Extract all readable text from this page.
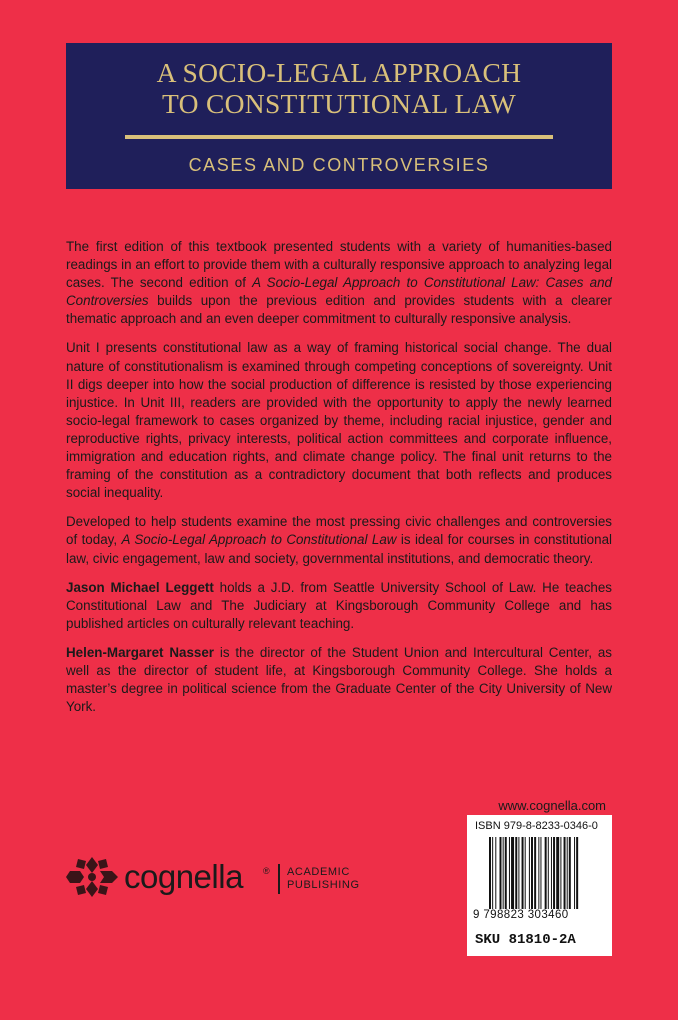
A SOCIO-LEGAL APPROACH
TO CONSTITUTIONAL LAW
CASES AND CONTROVERSIES

The first edition of this textbook presented students with a variety of humanities-based readings in an effort to provide them with a culturally responsive approach to analyzing legal cases. The second edition of A Socio-Legal Approach to Constitutional Law: Cases and Controversies builds upon the previous edition and provides students with a clearer thematic approach and an even deeper commitment to culturally responsive analysis.

Unit I presents constitutional law as a way of framing historical social change. The dual nature of constitutionalism is examined through competing conceptions of sovereignty. Unit II digs deeper into how the social production of difference is resisted by those experiencing injustice. In Unit III, readers are provided with the opportunity to apply the newly learned socio-legal framework to cases organized by theme, including racial injustice, gender and reproductive rights, privacy interests, political action committees and corporate influence, immigration and education rights, and climate change policy. The final unit returns to the framing of the constitution as a contradictory document that both reflects and produces social inequality.

Developed to help students examine the most pressing civic challenges and controversies of today, A Socio-Legal Approach to Constitutional Law is ideal for courses in constitutional law, civic engagement, law and society, governmental institutions, and democratic theory.

Jason Michael Leggett holds a J.D. from Seattle University School of Law. He teaches Constitutional Law and The Judiciary at Kingsborough Community College and has published articles on culturally relevant teaching.

Helen-Margaret Nasser is the director of the Student Union and Intercultural Center, as well as the director of student life, at Kingsborough Community College. She holds a master’s degree in political science from the Graduate Center of the City University of New York.

www.cognella.com
ISBN 979-8-8233-0346-0
9 798823 303460
SKU 81810-2A
cognella ® ACADEMIC
PUBLISHING
